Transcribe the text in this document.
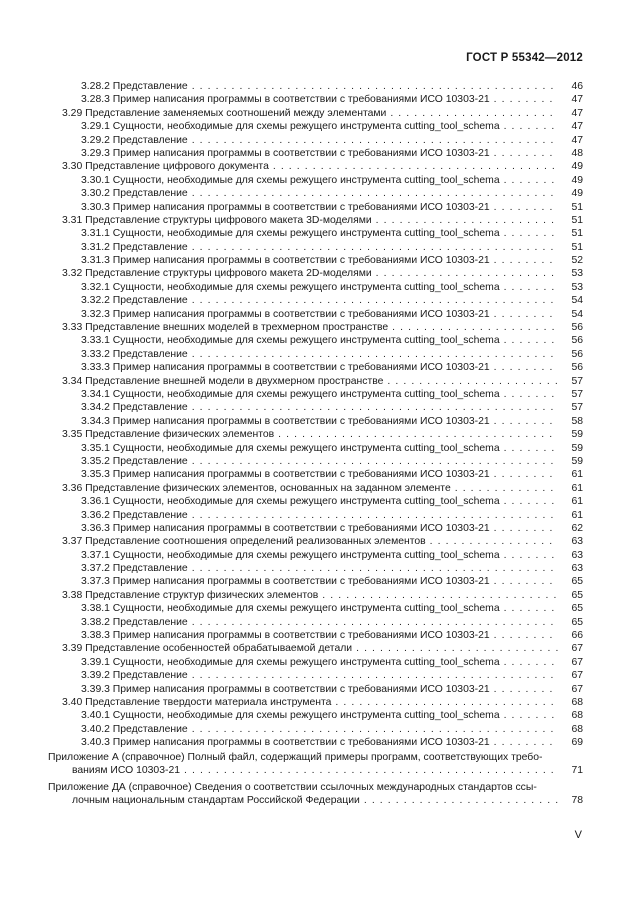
ГОСТ Р 55342—2012
3.28.2 Представление . . .	46
3.28.3 Пример написания программы в соответствии с требованиями ИСО 10303-21 . . .	47
3.29 Представление заменяемых соотношений между элементами . . .	47
3.29.1 Сущности, необходимые для схемы режущего инструмента cutting_tool_schema . . .	47
3.29.2 Представление . . .	47
3.29.3 Пример написания программы в соответствии с требованиями ИСО 10303-21 . . .	48
3.30 Представление цифрового документа . . .	49
3.30.1 Сущности, необходимые для схемы режущего инструмента cutting_tool_schema . . .	49
3.30.2 Представление . . .	49
3.30.3 Пример написания программы в соответствии с требованиями ИСО 10303-21 . . .	51
3.31 Представление структуры цифрового макета 3D-моделями . . .	51
3.31.1 Сущности, необходимые для схемы режущего инструмента cutting_tool_schema . . .	51
3.31.2 Представление . . .	51
3.31.3 Пример написания программы в соответствии с требованиями ИСО 10303-21 . . .	52
3.32 Представление структуры цифрового макета 2D-моделями . . .	53
3.32.1 Сущности, необходимые для схемы режущего инструмента cutting_tool_schema . . .	53
3.32.2 Представление . . .	54
3.32.3 Пример написания программы в соответствии с требованиями ИСО 10303-21 . . .	54
3.33 Представление внешних моделей в трехмерном пространстве . . .	56
3.33.1 Сущности, необходимые для схемы режущего инструмента cutting_tool_schema . . .	56
3.33.2 Представление . . .	56
3.33.3 Пример написания программы в соответствии с требованиями ИСО 10303-21 . . .	56
3.34 Представление внешней модели в двухмерном пространстве . . .	57
3.34.1 Сущности, необходимые для схемы режущего инструмента cutting_tool_schema . . .	57
3.34.2 Представление . . .	57
3.34.3 Пример написания программы в соответствии с требованиями ИСО 10303-21 . . .	58
3.35 Представление физических элементов . . .	59
3.35.1 Сущности, необходимые для схемы режущего инструмента cutting_tool_schema . . .	59
3.35.2 Представление . . .	59
3.35.3 Пример написания программы в соответствии с требованиями ИСО 10303-21 . . .	61
3.36 Представление физических элементов, основанных на заданном элементе . . .	61
3.36.1 Сущности, необходимые для схемы режущего инструмента cutting_tool_schema . . .	61
3.36.2 Представление . . .	61
3.36.3 Пример написания программы в соответствии с требованиями ИСО 10303-21 . . .	62
3.37 Представление соотношения определений реализованных элементов . . .	63
3.37.1 Сущности, необходимые для схемы режущего инструмента cutting_tool_schema . . .	63
3.37.2 Представление . . .	63
3.37.3 Пример написания программы в соответствии с требованиями ИСО 10303-21 . . .	65
3.38 Представление структур физических элементов . . .	65
3.38.1 Сущности, необходимые для схемы режущего инструмента cutting_tool_schema . . .	65
3.38.2 Представление . . .	65
3.38.3 Пример написания программы в соответствии с требованиями ИСО 10303-21 . . .	66
3.39 Представление особенностей обрабатываемой детали . . .	67
3.39.1 Сущности, необходимые для схемы режущего инструмента cutting_tool_schema . . .	67
3.39.2 Представление . . .	67
3.39.3 Пример написания программы в соответствии с требованиями ИСО 10303-21 . . .	67
3.40 Представление твердости материала инструмента . . .	68
3.40.1 Сущности, необходимые для схемы режущего инструмента cutting_tool_schema . . .	68
3.40.2 Представление . . .	68
3.40.3 Пример написания программы в соответствии с требованиями ИСО 10303-21 . . .	69
Приложение А (справочное) Полный файл, содержащий примеры программ, соответствующих требо-
ваниям ИСО 10303-21 . . .	71
Приложение ДА (справочное) Сведения о соответствии ссылочных международных стандартов ссы-
лочным национальным стандартам Российской Федерации . . .	78
V
